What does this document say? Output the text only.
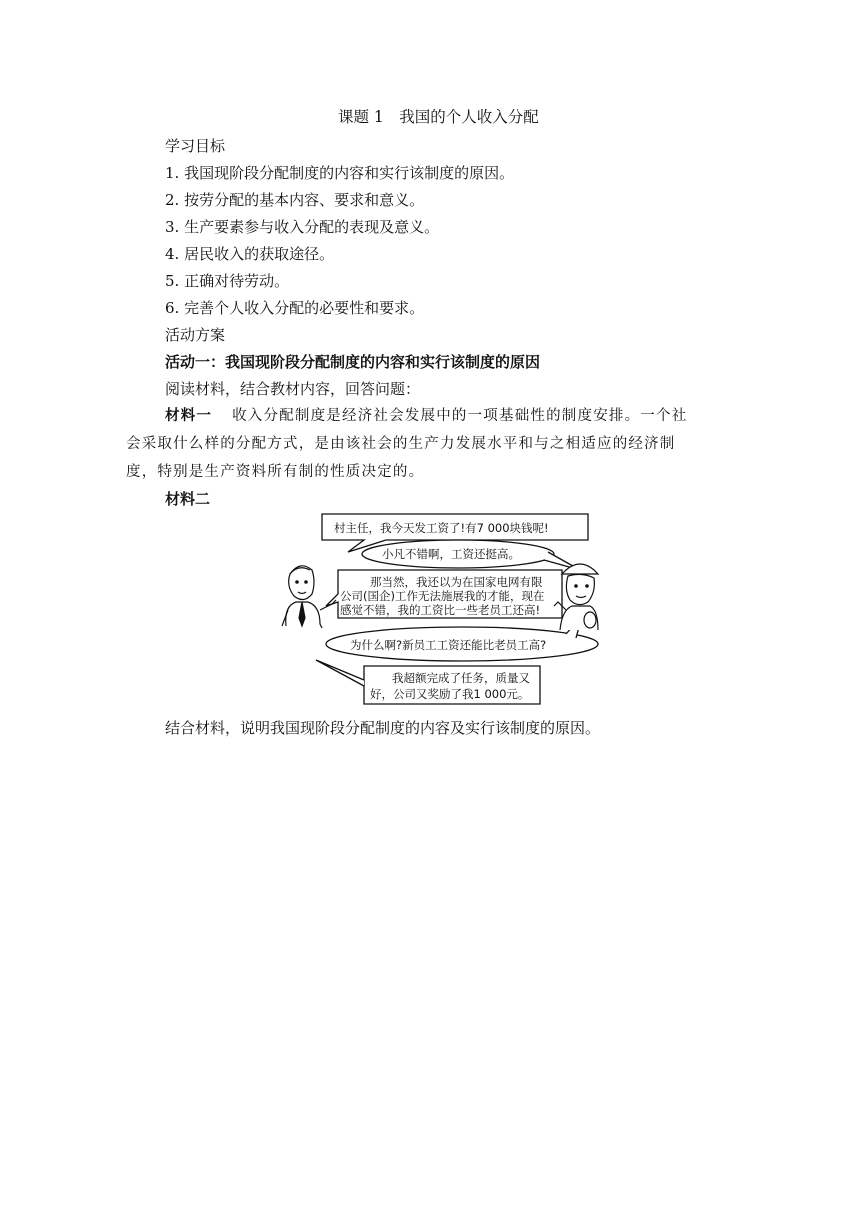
课题 1　我国的个人收入分配
学习目标
1. 我国现阶段分配制度的内容和实行该制度的原因。
2. 按劳分配的基本内容、要求和意义。
3. 生产要素参与收入分配的表现及意义。
4. 居民收入的获取途径。
5. 正确对待劳动。
6. 完善个人收入分配的必要性和要求。
活动方案
活动一：我国现阶段分配制度的内容和实行该制度的原因
阅读材料，结合教材内容，回答问题：
材料一 收入分配制度是经济社会发展中的一项基础性的制度安排。一个社
会采取什么样的分配方式，是由该社会的生产力发展水平和与之相适应的经济制
度，特别是生产资料所有制的性质决定的。
材料二
村主任，我今天发工资了!有7 000块钱呢!
小凡不错啊，工资还挺高。
那当然，我还以为在国家电网有限
公司(国企)工作无法施展我的才能，现在
感觉不错，我的工资比一些老员工还高!
为什么啊?新员工工资还能比老员工高?
我超额完成了任务，质量又
好，公司又奖励了我1 000元。
结合材料，说明我国现阶段分配制度的内容及实行该制度的原因。
